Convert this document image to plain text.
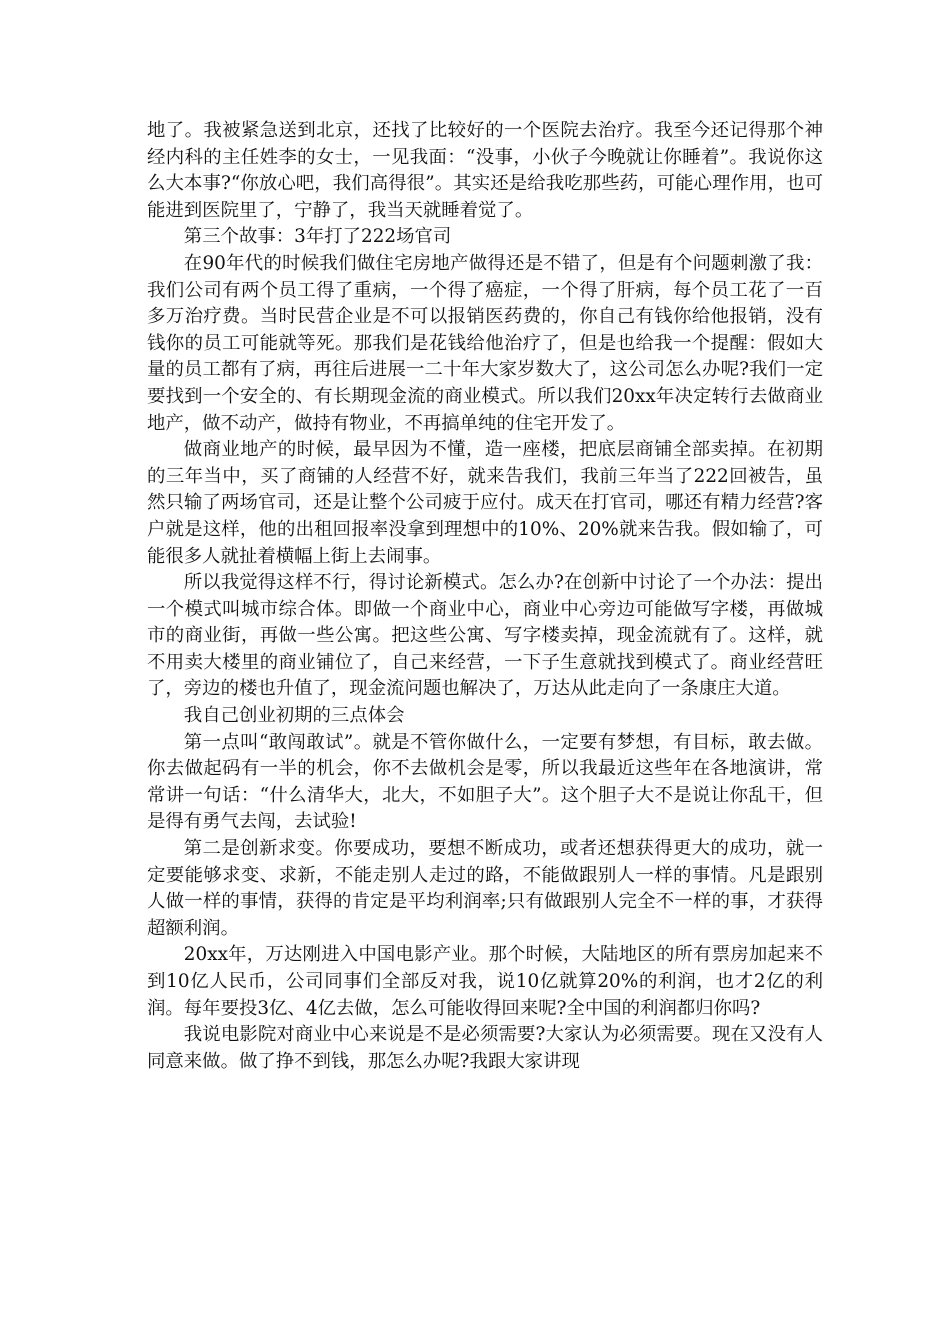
地了。我被紧急送到北京，还找了比较好的一个医院去治疗。我至今还记得那个神经内科的主任姓李的女士，一见我面：“没事，小伙子今晚就让你睡着”。我说你这么大本事?“你放心吧，我们高得很”。其实还是给我吃那些药，可能心理作用，也可能进到医院里了，宁静了，我当天就睡着觉了。

第三个故事：3年打了222场官司

在90年代的时候我们做住宅房地产做得还是不错了，但是有个问题刺激了我：我们公司有两个员工得了重病，一个得了癌症，一个得了肝病，每个员工花了一百多万治疗费。当时民营企业是不可以报销医药费的，你自己有钱你给他报销，没有钱你的员工可能就等死。那我们是花钱给他治疗了，但是也给我一个提醒：假如大量的员工都有了病，再往后进展一二十年大家岁数大了，这公司怎么办呢?我们一定要找到一个安全的、有长期现金流的商业模式。所以我们20xx年决定转行去做商业地产，做不动产，做持有物业，不再搞单纯的住宅开发了。

做商业地产的时候，最早因为不懂，造一座楼，把底层商铺全部卖掉。在初期的三年当中，买了商铺的人经营不好，就来告我们，我前三年当了222回被告，虽然只输了两场官司，还是让整个公司疲于应付。成天在打官司，哪还有精力经营?客户就是这样，他的出租回报率没拿到理想中的10%、20%就来告我。假如输了，可能很多人就扯着横幅上街上去闹事。

所以我觉得这样不行，得讨论新模式。怎么办?在创新中讨论了一个办法：提出一个模式叫城市综合体。即做一个商业中心，商业中心旁边可能做写字楼，再做城市的商业街，再做一些公寓。把这些公寓、写字楼卖掉，现金流就有了。这样，就不用卖大楼里的商业铺位了，自己来经营，一下子生意就找到模式了。商业经营旺了，旁边的楼也升值了，现金流问题也解决了，万达从此走向了一条康庄大道。

我自己创业初期的三点体会

第一点叫“敢闯敢试”。就是不管你做什么，一定要有梦想，有目标，敢去做。你去做起码有一半的机会，你不去做机会是零，所以我最近这些年在各地演讲，常常讲一句话：“什么清华大，北大，不如胆子大”。这个胆子大不是说让你乱干，但是得有勇气去闯，去试验!

第二是创新求变。你要成功，要想不断成功，或者还想获得更大的成功，就一定要能够求变、求新，不能走别人走过的路，不能做跟别人一样的事情。凡是跟别人做一样的事情，获得的肯定是平均利润率;只有做跟别人完全不一样的事，才获得超额利润。

20xx年，万达刚进入中国电影产业。那个时候，大陆地区的所有票房加起来不到10亿人民币，公司同事们全部反对我，说10亿就算20%的利润，也才2亿的利润。每年要投3亿、4亿去做，怎么可能收得回来呢?全中国的利润都归你吗?

我说电影院对商业中心来说是不是必须需要?大家认为必须需要。现在又没有人同意来做。做了挣不到钱，那怎么办呢?我跟大家讲现
